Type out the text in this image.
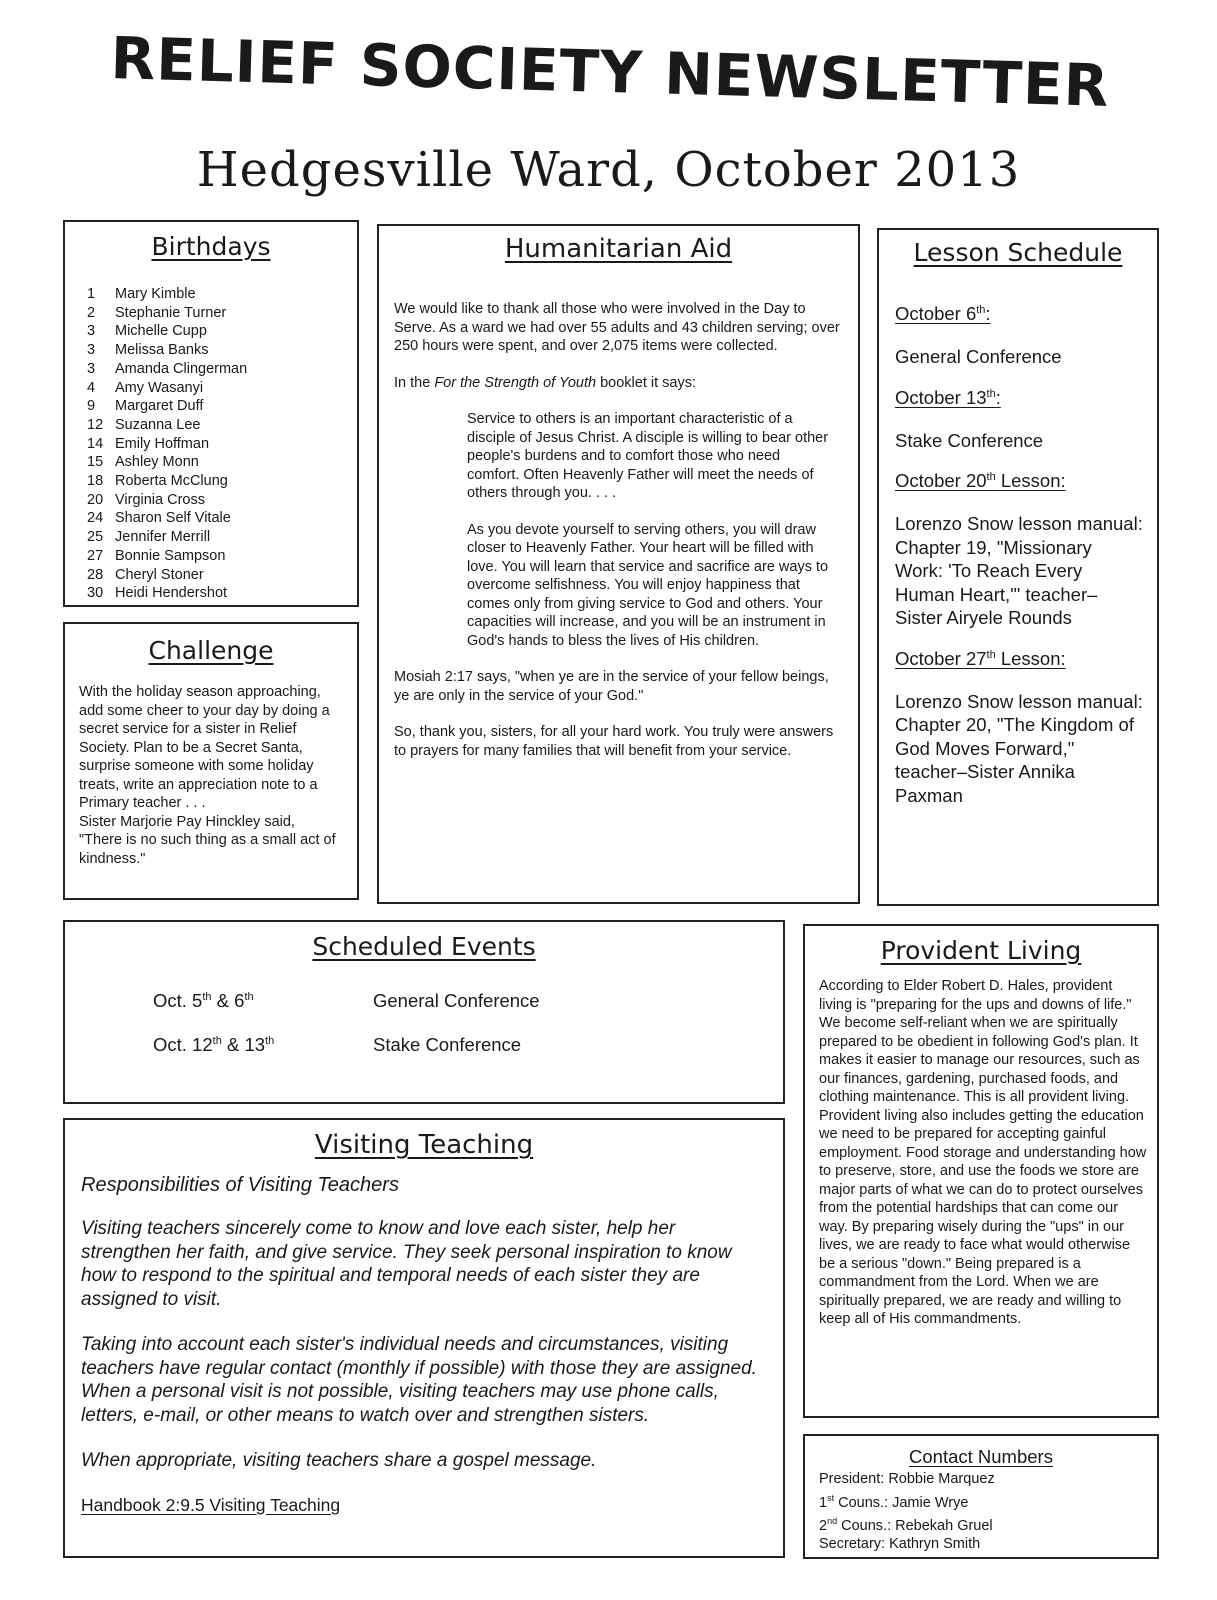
RELIEF SOCIETY NEWSLETTER
Hedgesville Ward, October 2013
Birthdays
1	Mary Kimble
2	Stephanie Turner
3	Michelle Cupp
3	Melissa Banks
3	Amanda Clingerman
4	Amy Wasanyi
9	Margaret Duff
12 Suzanna Lee
14 Emily Hoffman
15 Ashley Monn
18 Roberta McClung
20 Virginia Cross
24 Sharon Self Vitale
25 Jennifer Merrill
27 Bonnie Sampson
28 Cheryl Stoner
30 Heidi Hendershot
Challenge

With the holiday season approaching, add some cheer to your day by doing a secret service for a sister in Relief Society. Plan to be a Secret Santa, surprise someone with some holiday treats, write an appreciation note to a Primary teacher . . .

Sister Marjorie Pay Hinckley said, "There is no such thing as a small act of kindness."

Humanitarian Aid

We would like to thank all those who were involved in the Day to Serve. As a ward we had over 55 adults and 43 children serving; over 250 hours were spent, and over 2,075 items were collected.

In the For the Strength of Youth booklet it says:

Service to others is an important characteristic of a disciple of Jesus Christ. A disciple is willing to bear other people's burdens and to comfort those who need comfort. Often Heavenly Father will meet the needs of others through you. . . .

As you devote yourself to serving others, you will draw closer to Heavenly Father. Your heart will be filled with love. You will learn that service and sacrifice are ways to overcome selfishness. You will enjoy happiness that comes only from giving service to God and others. Your capacities will increase, and you will be an instrument in God's hands to bless the lives of His children.

Mosiah 2:17 says, "when ye are in the service of your fellow beings, ye are only in the service of your God."

So, thank you, sisters, for all your hard work. You truly were answers to prayers for many families that will benefit from your service.

Lesson Schedule
October 6th:
General Conference
October 13th:
Stake Conference
October 20th Lesson:
Lorenzo Snow lesson manual: Chapter 19, "Missionary Work: 'To Reach Every Human Heart,'" teacher–Sister Airyele Rounds
October 27th Lesson:
Lorenzo Snow lesson manual: Chapter 20, "The Kingdom of God Moves Forward," teacher–Sister Annika Paxman
Scheduled Events
Oct. 5th & 6th	General Conference
Oct. 12th & 13th	Stake Conference
Provident Living
According to Elder Robert D. Hales, provident living is "preparing for the ups and downs of life." We become self-reliant when we are spiritually prepared to be obedient in following God's plan. It makes it easier to manage our resources, such as our finances, gardening, purchased foods, and clothing maintenance. This is all provident living. Provident living also includes getting the education we need to be prepared for accepting gainful employment. Food storage and understanding how to preserve, store, and use the foods we store are major parts of what we can do to protect ourselves from the potential hardships that can come our way. By preparing wisely during the "ups" in our lives, we are ready to face what would otherwise be a serious "down." Being prepared is a commandment from the Lord. When we are spiritually prepared, we are ready and willing to keep all of His commandments.
Visiting Teaching
Responsibilities of Visiting Teachers
Visiting teachers sincerely come to know and love each sister, help her strengthen her faith, and give service. They seek personal inspiration to know how to respond to the spiritual and temporal needs of each sister they are assigned to visit.
Taking into account each sister's individual needs and circumstances, visiting teachers have regular contact (monthly if possible) with those they are assigned. When a personal visit is not possible, visiting teachers may use phone calls, letters, e-mail, or other means to watch over and strengthen sisters.
When appropriate, visiting teachers share a gospel message.
Handbook 2:9.5 Visiting Teaching
Contact Numbers
President: Robbie Marquez
1st Couns.: Jamie Wrye
2nd Couns.: Rebekah Gruel
Secretary: Kathryn Smith
